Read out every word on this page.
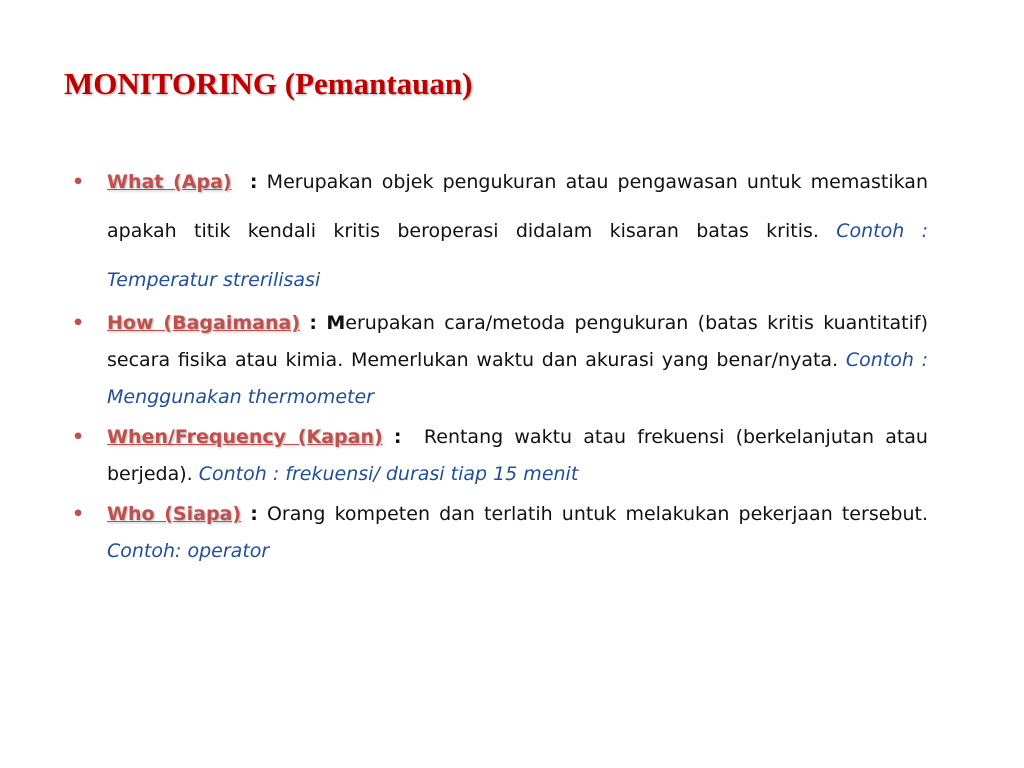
MONITORING (Pemantauan)
• What (Apa) : Merupakan objek pengukuran atau pengawasan untuk memastikan apakah titik kendali kritis beroperasi didalam kisaran batas kritis. Contoh : Temperatur strerilisasi
• How (Bagaimana) : Merupakan cara/metoda pengukuran (batas kritis kuantitatif) secara fisika atau kimia. Memerlukan waktu dan akurasi yang benar/nyata. Contoh : Menggunakan thermometer
• When/Frequency (Kapan) : Rentang waktu atau frekuensi (berkelanjutan atau berjeda). Contoh : frekuensi/ durasi tiap 15 menit
• Who (Siapa) : Orang kompeten dan terlatih untuk melakukan pekerjaan tersebut. Contoh: operator
